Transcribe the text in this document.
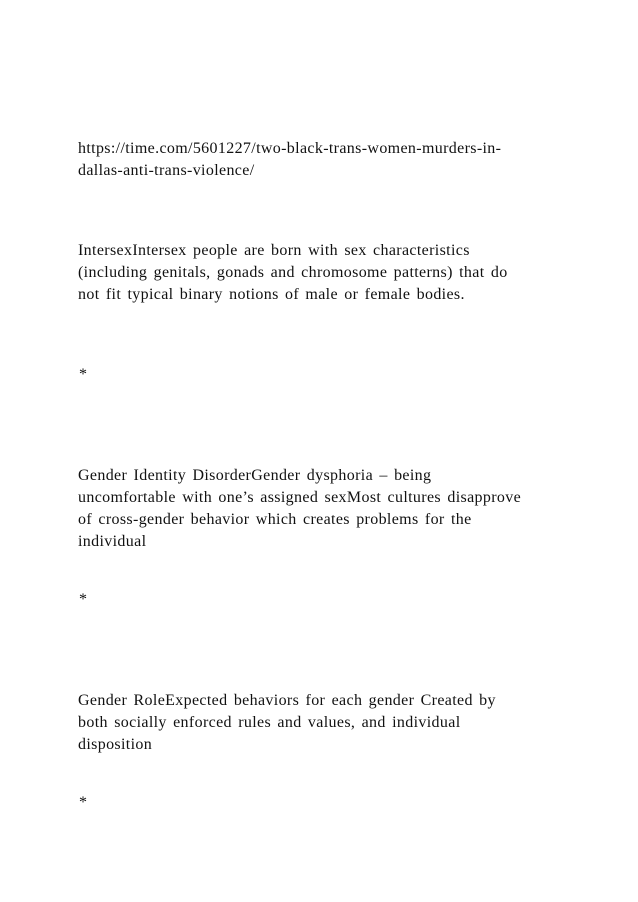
https://time.com/5601227/two-black-trans-women-murders-in-
dallas-anti-trans-violence/
IntersexIntersex people are born with sex characteristics
(including genitals, gonads and chromosome patterns) that do
not fit typical binary notions of male or female bodies.
*
Gender Identity DisorderGender dysphoria – being
uncomfortable with one’s assigned sexMost cultures disapprove
of cross-gender behavior which creates problems for the
individual
*
Gender RoleExpected behaviors for each gender Created by
both socially enforced rules and values, and individual
disposition
*
